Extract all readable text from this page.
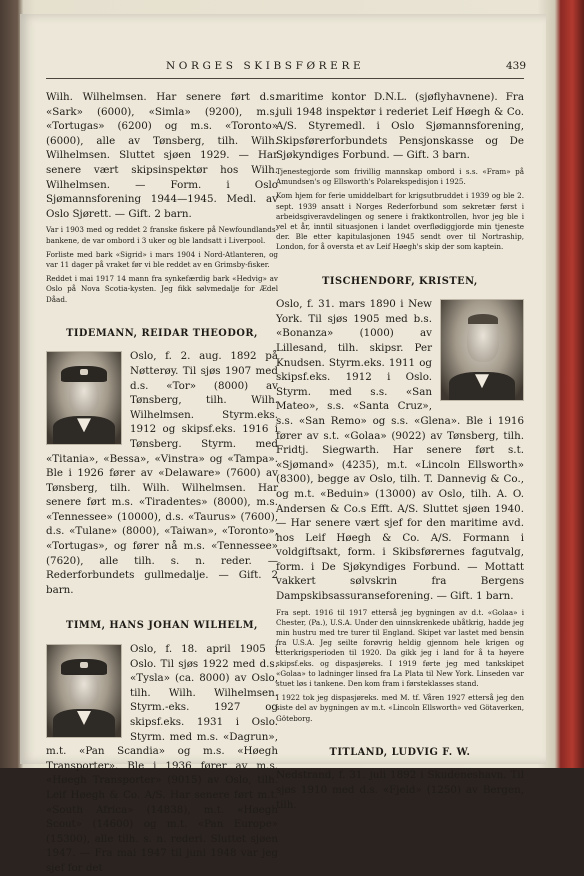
NORGES SKIBSFØRERE	439

Wilh. Wilhelmsen. Har senere ført d.s. «Sark» (6000), «Simla» (9200), m.s. «Tortugas» (6200) og m.s. «Toronto» (6000), alle av Tønsberg, tilh. Wilh. Wilhelmsen. Sluttet sjøen 1929. — Har senere vært skipsinspektør hos Wilh. Wilhelmsen. — Form. i Oslo Sjømannsforening 1944—1945. Medl. av Oslo Sjørett. — Gift. 2 barn.

Var i 1903 med og reddet 2 franske fiskere på Newfoundlands-bankene, de var ombord i 3 uker og ble landsatt i Liverpool.

Forliste med bark «Sigrid» i mars 1904 i Nord-Atlanteren, og var 11 dager på vraket før vi ble reddet av en Grimsby-fisker.

Reddet i mai 1917 14 mann fra synkefærdig bark «Hedvig» av Oslo på Nova Scotia-kysten. Jeg fikk sølvmedalje for Ædel Dåad.

TIDEMANN, REIDAR THEODOR,

Oslo, f. 2. aug. 1892 på Nøtterøy. Til sjøs 1907 med d.s. «Tor» (8000) av Tønsberg, tilh. Wilh. Wilhelmsen. Styrm.eks. 1912 og skipsf.eks. 1916 i Tønsberg. Styrm. med «Titania», «Bessa», «Vinstra» og «Tampa». Ble i 1926 fører av «Delaware» (7600) av Tønsberg, tilh. Wilh. Wilhelmsen. Har senere ført m.s. «Tiradentes» (8000), m.s. «Tennessee» (10000), d.s. «Taurus» (7600), d.s. «Tulane» (8000), «Taiwan», «Toronto», «Tortugas», og fører nå m.s. «Tennessee» (7620), alle tilh. s. n. reder. — Rederforbundets gullmedalje. — Gift. 2 barn.

TIMM, HANS JOHAN WILHELM,

Oslo, f. 18. april 1905 i Oslo. Til sjøs 1922 med d.s. «Tysla» (ca. 8000) av Oslo, tilh. Wilh. Wilhelmsen. Styrm.-eks. 1927 og skipsf.eks. 1931 i Oslo. Styrm. med m.s. «Dagrun», m.t. «Pan Scandia» og m.s. «Høegh Transporter». Ble i 1936 fører av m.s. «Høegh Transporter» (9015) av Oslo, tilh. Leif Høegh & Co. A/S. Har senere ført m.t. «South Africa» (14838), m.t. «Høegh Scout» (14600) og m.t. «Pan Europe» (15300), alle tilh. s. n. rederi. Sluttet sjøen 1947. — Fra mai 1947 til juni 1948 var jeg sjef for det

maritime kontor D.N.L. (sjøflyhavnene). Fra juli 1948 inspektør i rederiet Leif Høegh & Co. A/S. Styremedl. i Oslo Sjømannsforening, Skipsførerforbundets Pensjonskasse og De Sjøkyndiges Forbund. — Gift. 3 barn.

Tjenestegjorde som frivillig mannskap ombord i s.s. «Fram» på Amundsen's og Ellsworth's Polarekspedisjon i 1925.

Kom hjem for ferie umiddelbart for krigsutbruddet i 1939 og ble 2. sept. 1939 ansatt i Norges Rederforbund som sekretær først i arbeidsgiveravdelingen og senere i fraktkontrollen, hvor jeg ble i vel et år, inntil situasjonen i landet overflødiggjorde min tjeneste der. Ble etter kapitulasjonen 1945 sendt over til Nortraship, London, for å oversta et av Leif Høegh's skip der som kaptein.

TISCHENDORF, KRISTEN,

Oslo, f. 31. mars 1890 i New York. Til sjøs 1905 med b.s. «Bonanza» (1000) av Lillesand, tilh. skipsr. Per Knudsen. Styrm.eks. 1911 og skipsf.eks. 1912 i Oslo. Styrm. med s.s. «San Mateo», s.s. «Santa Cruz», s.s. «San Remo» og s.s. «Glena». Ble i 1916 fører av s.t. «Golaa» (9022) av Tønsberg, tilh. Fridtj. Siegwarth. Har senere ført s.t. «Sjømand» (4235), m.t. «Lincoln Ellsworth» (8300), begge av Oslo, tilh. T. Dannevig & Co., og m.t. «Beduin» (13000) av Oslo, tilh. A. O. Andersen & Co.s Efft. A/S. Sluttet sjøen 1940. — Har senere vært sjef for den maritime avd. hos Leif Høegh & Co. A/S. Formann i voldgiftsakt, form. i Skibsførernes fagutvalg, form. i De Sjøkyndiges Forbund. — Mottatt vakkert sølvskrin fra Bergens Dampskibsassuranseforening. — Gift. 1 barn.

Fra sept. 1916 til 1917 etterså jeg bygningen av d.t. «Golaa» i Chester, (Pa.), U.S.A. Under den uinnskrenkede ubåtkrig, hadde jeg min hustru med tre turer til England. Skipet var lastet med bensin fra U.S.A. Jeg seilte forøvrig heldig gjennom hele krigen og etterkrigsperioden til 1920. Da gikk jeg i land for å ta høyere skipsf.eks. og dispasjøreks. I 1919 førte jeg med tankskipet «Golaa» to ladninger linsed fra La Plata til New York. Linseden var stuet løs i tankene. Den kom fram i førsteklasses stand.

I 1922 tok jeg dispasjøreks. med M. tf. Våren 1927 etterså jeg den siste del av bygningen av m.t. «Lincoln Ellsworth» ved Götaverken, Göteborg.

TITLAND, LUDVIG F. W.

Nedstrand, f. 31. juli 1892 i Skudeneshavn. Til sjøs 1910 med d.s. «Fjeld» (1250) av Bergen, tilh.
